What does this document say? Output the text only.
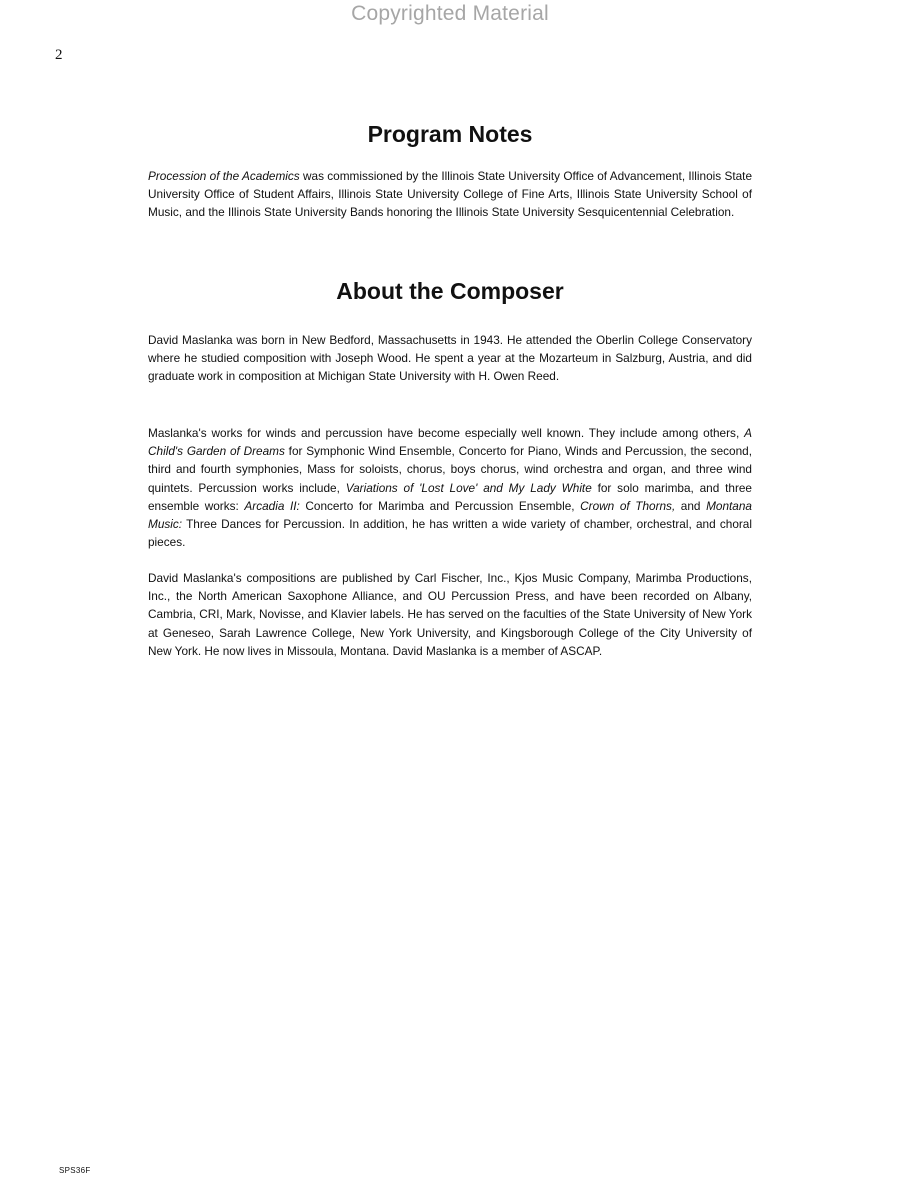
Copyrighted Material
2
Program Notes
Procession of the Academics was commissioned by the Illinois State University Office of Advancement, Illinois State University Office of Student Affairs, Illinois State University College of Fine Arts, Illinois State University School of Music, and the Illinois State University Bands honoring the Illinois State University Sesquicentennial Celebration.
About the Composer
David Maslanka was born in New Bedford, Massachusetts in 1943. He attended the Oberlin College Conservatory where he studied composition with Joseph Wood. He spent a year at the Mozarteum in Salzburg, Austria, and did graduate work in composition at Michigan State University with H. Owen Reed.
Maslanka's works for winds and percussion have become especially well known. They include among others, A Child's Garden of Dreams for Symphonic Wind Ensemble, Concerto for Piano, Winds and Percussion, the second, third and fourth symphonies, Mass for soloists, chorus, boys chorus, wind orchestra and organ, and three wind quintets. Percussion works include, Variations of 'Lost Love' and My Lady White for solo marimba, and three ensemble works: Arcadia II: Concerto for Marimba and Percussion Ensemble, Crown of Thorns, and Montana Music: Three Dances for Percussion. In addition, he has written a wide variety of chamber, orchestral, and choral pieces.
David Maslanka's compositions are published by Carl Fischer, Inc., Kjos Music Company, Marimba Productions, Inc., the North American Saxophone Alliance, and OU Percussion Press, and have been recorded on Albany, Cambria, CRI, Mark, Novisse, and Klavier labels. He has served on the faculties of the State University of New York at Geneseo, Sarah Lawrence College, New York University, and Kingsborough College of the City University of New York. He now lives in Missoula, Montana. David Maslanka is a member of ASCAP.
SPS36F
